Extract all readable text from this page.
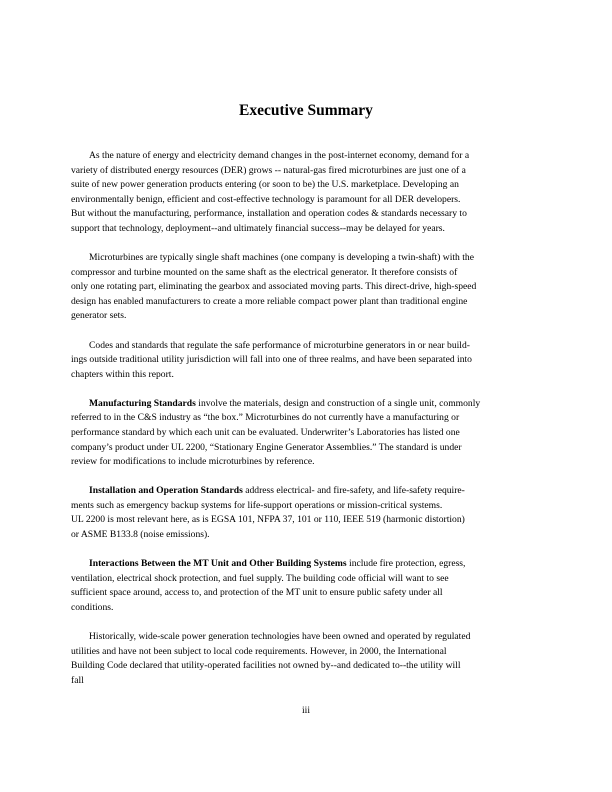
Executive Summary

As the nature of energy and electricity demand changes in the post-internet economy, demand for a
variety of distributed energy resources (DER) grows -- natural-gas fired microturbines are just one of a
suite of new power generation products entering (or soon to be) the U.S. marketplace. Developing an
environmentally benign, efficient and cost-effective technology is paramount for all DER developers.
But without the manufacturing, performance, installation and operation codes & standards necessary to
support that technology, deployment--and ultimately financial success--may be delayed for years.

Microturbines are typically single shaft machines (one company is developing a twin-shaft) with the
compressor and turbine mounted on the same shaft as the electrical generator. It therefore consists of
only one rotating part, eliminating the gearbox and associated moving parts. This direct-drive, high-speed
design has enabled manufacturers to create a more reliable compact power plant than traditional engine
generator sets.

Codes and standards that regulate the safe performance of microturbine generators in or near build-
ings outside traditional utility jurisdiction will fall into one of three realms, and have been separated into
chapters within this report.

Manufacturing Standards involve the materials, design and construction of a single unit, commonly
referred to in the C&S industry as “the box.” Microturbines do not currently have a manufacturing or
performance standard by which each unit can be evaluated. Underwriter’s Laboratories has listed one
company’s product under UL 2200, “Stationary Engine Generator Assemblies.” The standard is under
review for modifications to include microturbines by reference.

Installation and Operation Standards address electrical- and fire-safety, and life-safety require-
ments such as emergency backup systems for life-support operations or mission-critical systems.
UL 2200 is most relevant here, as is EGSA 101, NFPA 37, 101 or 110, IEEE 519 (harmonic distortion)
or ASME B133.8 (noise emissions).

Interactions Between the MT Unit and Other Building Systems include fire protection, egress,
ventilation, electrical shock protection, and fuel supply. The building code official will want to see
sufficient space around, access to, and protection of the MT unit to ensure public safety under all
conditions.

Historically, wide-scale power generation technologies have been owned and operated by regulated
utilities and have not been subject to local code requirements. However, in 2000, the International
Building Code declared that utility-operated facilities not owned by--and dedicated to--the utility will
fall

iii
